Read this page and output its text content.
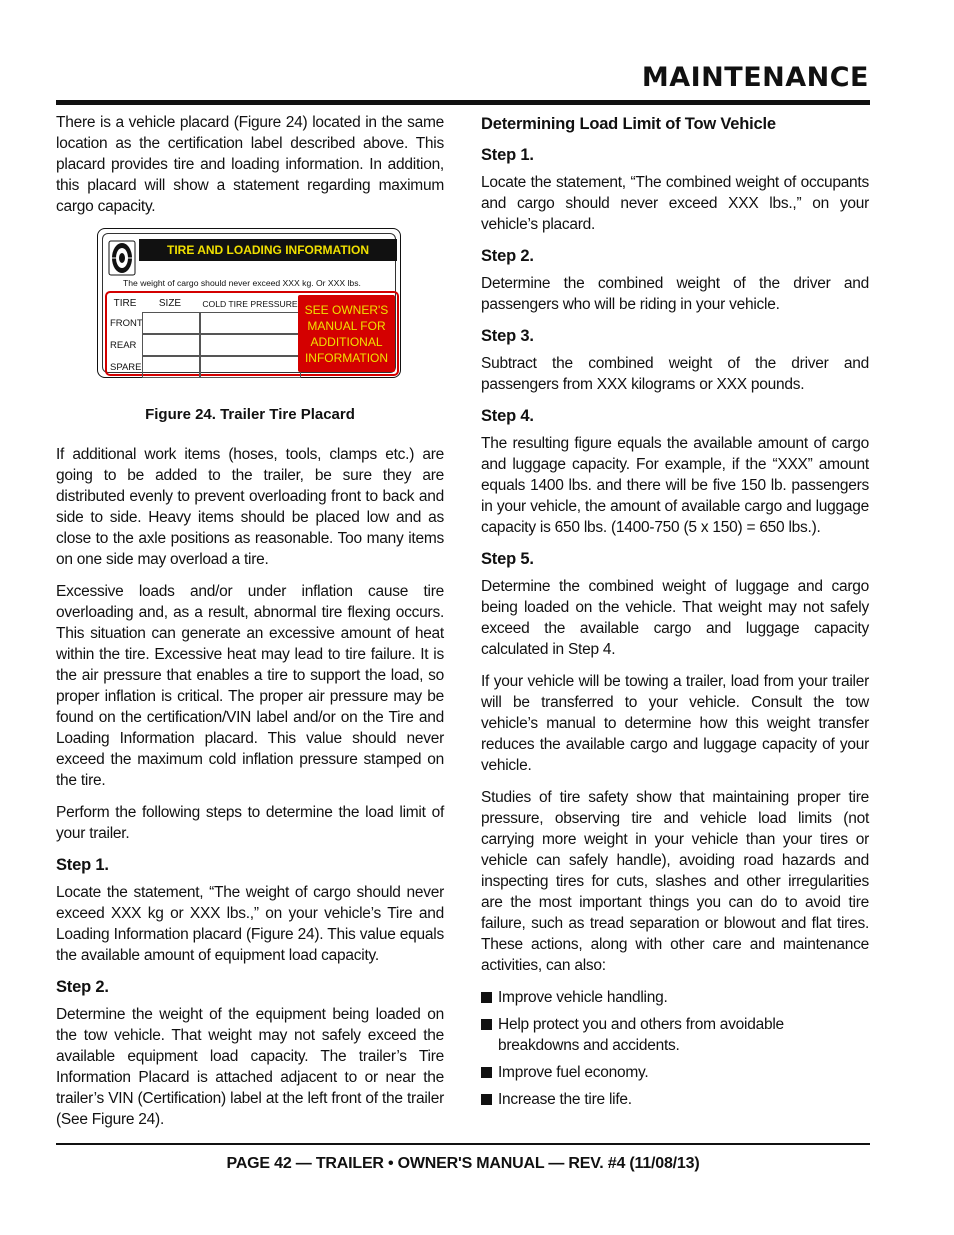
MAINTENANCE

There is a vehicle placard (Figure 24) located in the same location as the certification label described above. This placard provides tire and loading information. In addition, this placard will show a statement regarding maximum cargo capacity.

TIRE AND LOADING INFORMATION
The weight of cargo should never exceed XXX kg. Or XXX lbs.
TIRE	SIZE	COLD TIRE PRESSURE
FRONT
REAR
SPARE
SEE OWNER'S MANUAL FOR ADDITIONAL INFORMATION
Figure 24. Trailer Tire Placard

If additional work items (hoses, tools, clamps etc.) are going to be added to the trailer, be sure they are distributed evenly to prevent overloading front to back and side to side. Heavy items should be placed low and as close to the axle positions as reasonable. Too many items on one side may overload a tire.

Excessive loads and/or under inflation cause tire overloading and, as a result, abnormal tire flexing occurs. This situation can generate an excessive amount of heat within the tire. Excessive heat may lead to tire failure. It is the air pressure that enables a tire to support the load, so proper inflation is critical. The proper air pressure may be found on the certification/VIN label and/or on the Tire and Loading Information placard. This value should never exceed the maximum cold inflation pressure stamped on the tire.

Perform the following steps to determine the load limit of your trailer.

Step 1.

Locate the statement, “The weight of cargo should never exceed XXX kg or XXX lbs.,” on your vehicle’s Tire and Loading Information placard (Figure 24). This value equals the available amount of equipment load capacity.

Step 2.

Determine the weight of the equipment being loaded on the tow vehicle. That weight may not safely exceed the available equipment load capacity. The trailer’s Tire Information Placard is attached adjacent to or near the trailer’s VIN (Certification) label at the left front of the trailer (See Figure 24).

Determining Load Limit of Tow Vehicle
Step 1.

Locate the statement, “The combined weight of occupants and cargo should never exceed XXX lbs.,” on your vehicle’s placard.

Step 2.

Determine the combined weight of the driver and passengers who will be riding in your vehicle.

Step 3.

Subtract the combined weight of the driver and passengers from XXX kilograms or XXX pounds.

Step 4.

The resulting figure equals the available amount of cargo and luggage capacity. For example, if the “XXX” amount equals 1400 lbs. and there will be five 150 lb. passengers in your vehicle, the amount of available cargo and luggage capacity is 650 lbs. (1400-750 (5 x 150) = 650 lbs.).

Step 5.

Determine the combined weight of luggage and cargo being loaded on the vehicle. That weight may not safely exceed the available cargo and luggage capacity calculated in Step 4.

If your vehicle will be towing a trailer, load from your trailer will be transferred to your vehicle. Consult the tow vehicle’s manual to determine how this weight transfer reduces the available cargo and luggage capacity of your vehicle.

Studies of tire safety show that maintaining proper tire pressure, observing tire and vehicle load limits (not carrying more weight in your vehicle than your tires or vehicle can safely handle), avoiding road hazards and inspecting tires for cuts, slashes and other irregularities are the most important things you can do to avoid tire failure, such as tread separation or blowout and flat tires. These actions, along with other care and maintenance activities, can also:

Improve vehicle handling.
Help protect you and others from avoidable breakdowns and accidents.
Improve fuel economy.
Increase the tire life.
PAGE 42 — TRAILER • OWNER'S MANUAL — REV. #4 (11/08/13)
